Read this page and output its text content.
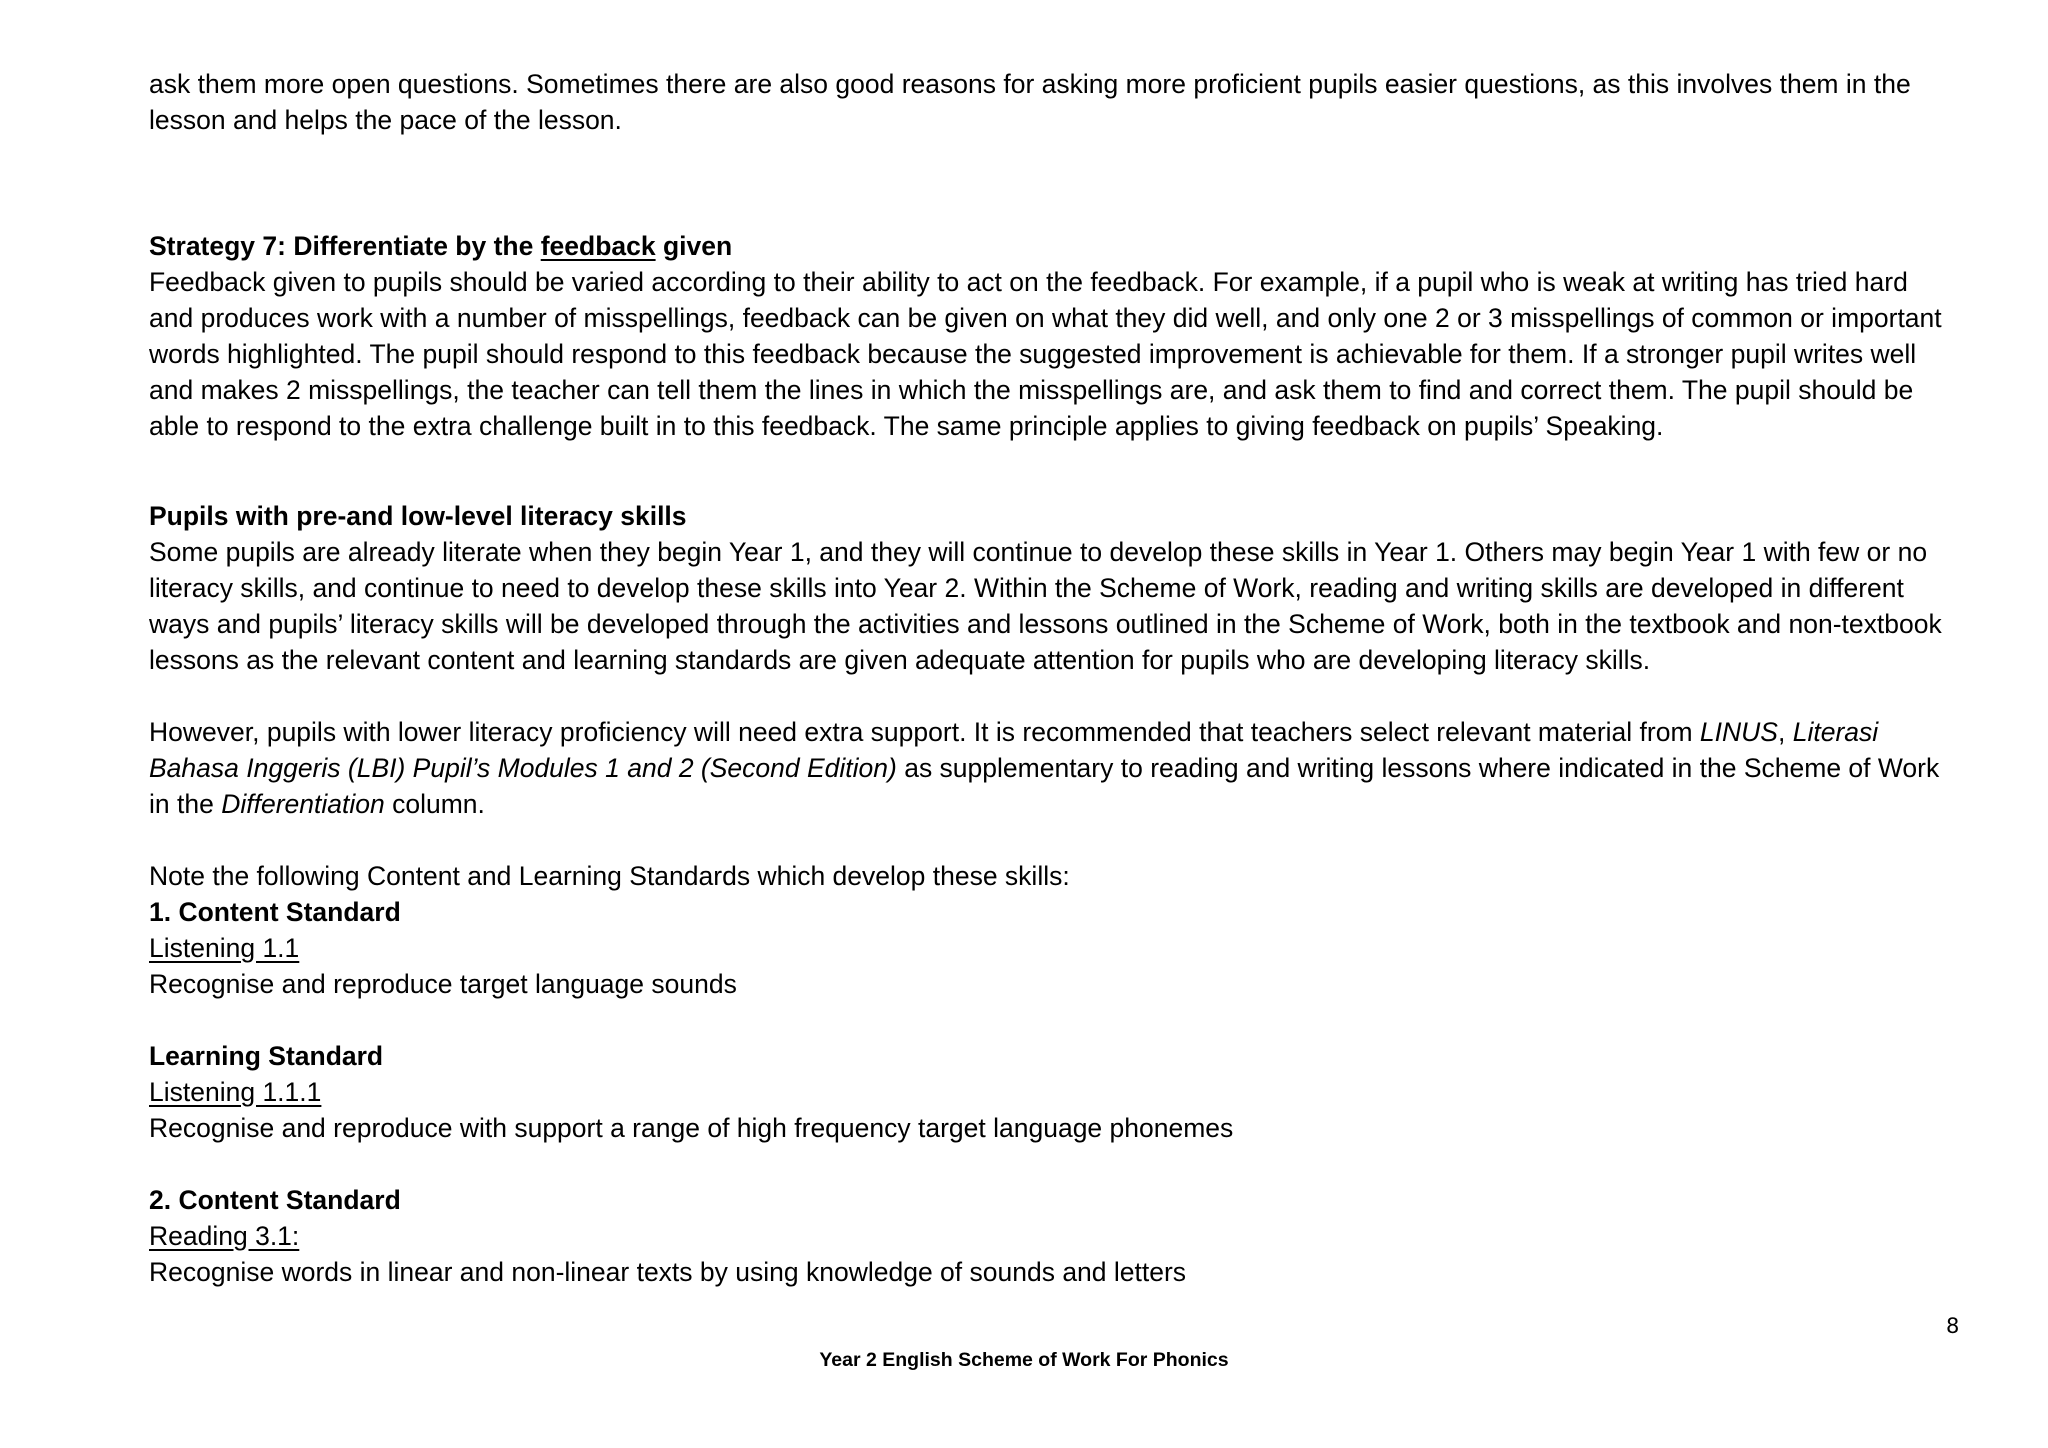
ask them more open questions. Sometimes there are also good reasons for asking more proficient pupils easier questions, as this involves them in the lesson and helps the pace of the lesson.

Strategy 7: Differentiate by the feedback given

Feedback given to pupils should be varied according to their ability to act on the feedback. For example, if a pupil who is weak at writing has tried hard and produces work with a number of misspellings, feedback can be given on what they did well, and only one 2 or 3 misspellings of common or important words highlighted. The pupil should respond to this feedback because the suggested improvement is achievable for them. If a stronger pupil writes well and makes 2 misspellings, the teacher can tell them the lines in which the misspellings are, and ask them to find and correct them. The pupil should be able to respond to the extra challenge built in to this feedback. The same principle applies to giving feedback on pupils’ Speaking.

Pupils with pre-and low-level literacy skills

Some pupils are already literate when they begin Year 1, and they will continue to develop these skills in Year 1. Others may begin Year 1 with few or no literacy skills, and continue to need to develop these skills into Year 2. Within the Scheme of Work, reading and writing skills are developed in different ways and pupils’ literacy skills will be developed through the activities and lessons outlined in the Scheme of Work, both in the textbook and non-textbook lessons as the relevant content and learning standards are given adequate attention for pupils who are developing literacy skills.

However, pupils with lower literacy proficiency will need extra support. It is recommended that teachers select relevant material from LINUS, Literasi Bahasa Inggeris (LBI) Pupil’s Modules 1 and 2 (Second Edition) as supplementary to reading and writing lessons where indicated in the Scheme of Work in the Differentiation column.

Note the following Content and Learning Standards which develop these skills:

1. Content Standard

Listening 1.1

Recognise and reproduce target language sounds

Learning Standard

Listening 1.1.1

Recognise and reproduce with support a range of high frequency target language phonemes

2. Content Standard

Reading 3.1:

Recognise words in linear and non-linear texts by using knowledge of sounds and letters

8
Year 2 English Scheme of Work For Phonics
